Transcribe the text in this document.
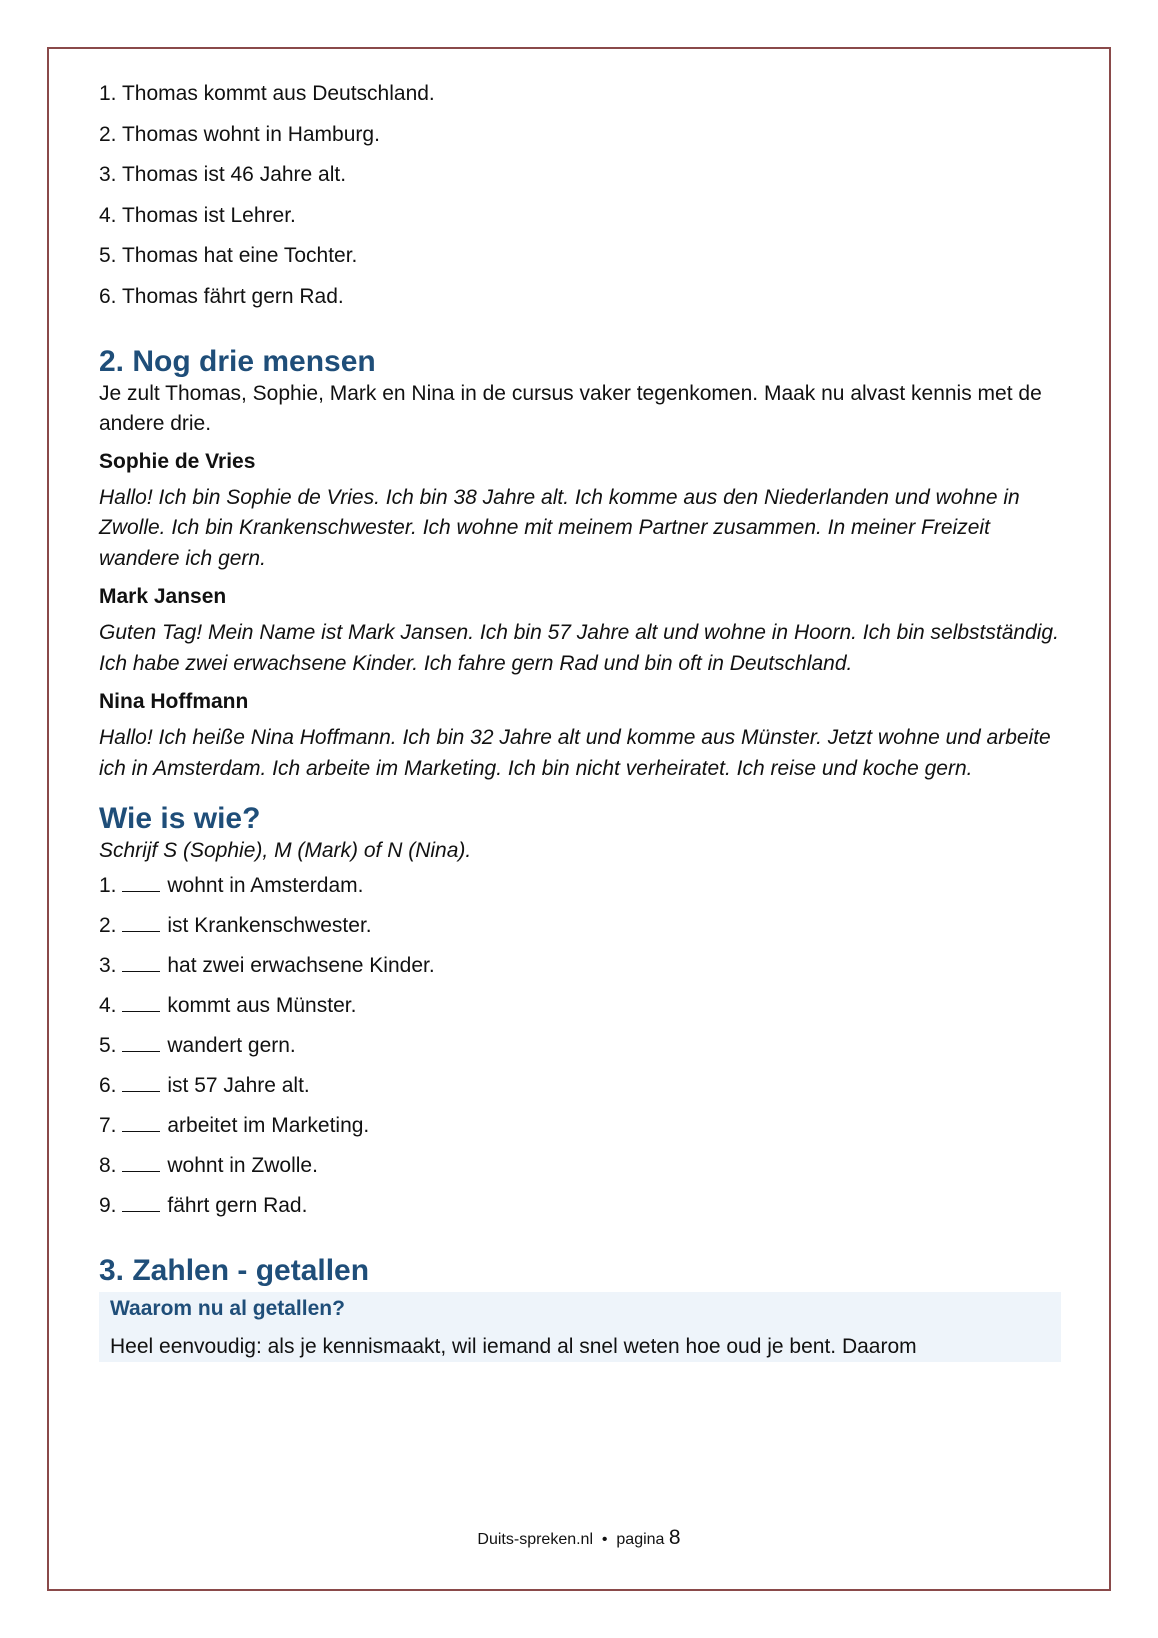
1. Thomas kommt aus Deutschland.
2. Thomas wohnt in Hamburg.
3. Thomas ist 46 Jahre alt.
4. Thomas ist Lehrer.
5. Thomas hat eine Tochter.
6. Thomas fährt gern Rad.
2. Nog drie mensen

Je zult Thomas, Sophie, Mark en Nina in de cursus vaker tegenkomen. Maak nu alvast kennis met de andere drie.

Sophie de Vries

Hallo! Ich bin Sophie de Vries. Ich bin 38 Jahre alt. Ich komme aus den Niederlanden und wohne in Zwolle. Ich bin Krankenschwester. Ich wohne mit meinem Partner zusammen. In meiner Freizeit wandere ich gern.

Mark Jansen

Guten Tag! Mein Name ist Mark Jansen. Ich bin 57 Jahre alt und wohne in Hoorn. Ich bin selbstständig. Ich habe zwei erwachsene Kinder. Ich fahre gern Rad und bin oft in Deutschland.

Nina Hoffmann

Hallo! Ich heiße Nina Hoffmann. Ich bin 32 Jahre alt und komme aus Münster. Jetzt wohne und arbeite ich in Amsterdam. Ich arbeite im Marketing. Ich bin nicht verheiratet. Ich reise und koche gern.

Wie is wie?

Schrijf S (Sophie), M (Mark) of N (Nina).

1. wohnt in Amsterdam.
2. ist Krankenschwester.
3. hat zwei erwachsene Kinder.
4. kommt aus Münster.
5. wandert gern.
6. ist 57 Jahre alt.
7. arbeitet im Marketing.
8. wohnt in Zwolle.
9. fährt gern Rad.
3. Zahlen - getallen

Waarom nu al getallen?

Heel eenvoudig: als je kennismaakt, wil iemand al snel weten hoe oud je bent. Daarom

Duits-spreken.nl • pagina 8
